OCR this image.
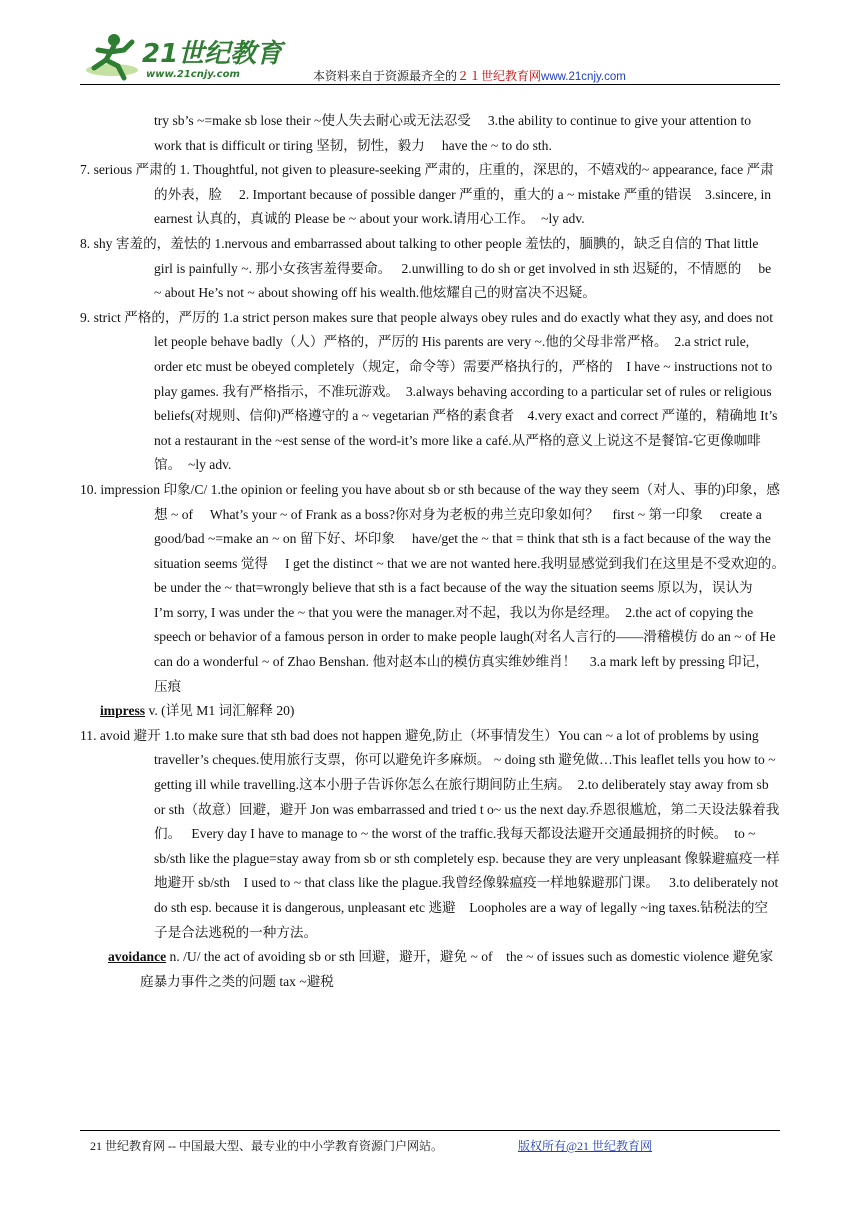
21世纪教育
www.21cnjy.com	本资料来自于资源最齐全的２１世纪教育网www.21cnjy.com
try sb’s ~=make sb lose their ~使人失去耐心或无法忍受　 3.the ability to continue to give your attention to work that is difficult or tiring 坚韧，韧性，毅力　 have the ~ to do sth.
7. serious 严肃的 1. Thoughtful, not given to pleasure-seeking 严肃的，庄重的，深思的，不嬉戏的~ appearance, face 严肃的外表，脸　 2. Important because of possible danger 严重的，重大的 a ~ mistake 严重的错误　3.sincere, in earnest 认真的，真诚的 Please be ~ about your work.请用心工作。　~ly adv.
8. shy 害羞的，羞怯的 1.nervous and embarrassed about talking to other people 羞怯的，腼腆的，缺乏自信的 That little girl is painfully ~. 那小女孩害羞得要命。　 2.unwilling to do sh or get involved in sth 迟疑的，不情愿的　 be ~ about He’s not ~ about showing off his wealth.他炫耀自己的财富决不迟疑。
9. strict 严格的，严厉的 1.a strict person makes sure that people always obey rules and do exactly what they asy, and does not let people behave badly（人）严格的，严厉的 His parents are very ~.他的父母非常严格。　2.a strict rule, order etc must be obeyed completely（规定，命令等）需要严格执行的，严格的　I have ~ instructions not to play games. 我有严格指示，不准玩游戏。　3.always behaving according to a particular set of rules or religious beliefs(对规则、信仰)严格遵守的 a ~ vegetarian 严格的素食者　4.very exact and correct 严谨的，精确地 It’s not a restaurant in the ~est sense of the word-it’s more like a café.从严格的意义上说这不是餐馆-它更像咖啡馆。　~ly adv.
10. impression 印象/C/ 1.the opinion or feeling you have about sb or sth because of the way they seem（对人、事的)印象，感想 ~ of　 What’s your ~ of Frank as a boss?你对身为老板的弗兰克印象如何？　first ~ 第一印象　 create a good/bad ~=make an ~ on 留下好、坏印象　 have/get the ~ that = think that sth is a fact because of the way the situation seems 觉得　 I get the distinct ~ that we are not wanted here.我明显感觉到我们在这里是不受欢迎的。　　be under the ~ that=wrongly believe that sth is a fact because of the way the situation seems 原以为，误认为　I’m sorry, I was under the ~ that you were the manager.对不起，我以为你是经理。　2.the act of copying the speech or behavior of a famous person in order to make people laugh(对名人言行的——滑稽模仿 do an ~ of He can do a wonderful ~ of Zhao Benshan. 他对赵本山的模仿真实维妙维肖！　3.a mark left by pressing 印记，压痕
impress v. (详见 M1 词汇解释 20)
11. avoid 避开 1.to make sure that sth bad does not happen 避免,防止（坏事情发生）You can ~ a lot of problems by using traveller’s cheques.使用旅行支票，你可以避免许多麻烦。 ~ doing sth 避免做…This leaflet tells you how to ~ getting ill while travelling.这本小册子告诉你怎么在旅行期间防止生病。　2.to deliberately stay away from sb or sth（故意）回避，避开 Jon was embarrassed and tried t o~ us the next day.乔恩很尴尬，第二天设法躲着我们。　 Every day I have to manage to ~ the worst of the traffic.我每天都设法避开交通最拥挤的时候。　to ~ sb/sth like the plague=stay away from sb or sth completely esp. because they are very unpleasant 像躲避瘟疫一样地避开 sb/sth　I used to ~ that class like the plague.我曾经像躲瘟疫一样地躲避那门课。　 3.to deliberately not do sth esp. because it is dangerous, unpleasant etc 逃避　Loopholes are a way of legally ~ing taxes.钻税法的空子是合法逃税的一种方法。
avoidance n. /U/ the act of avoiding sb or sth 回避，避开，避免 ~ of　the ~ of issues such as domestic violence 避免家庭暴力事件之类的问题 tax ~避税
21 世纪教育网 -- 中国最大型、最专业的中小学教育资源门户网站。	版权所有@21 世纪教育网
